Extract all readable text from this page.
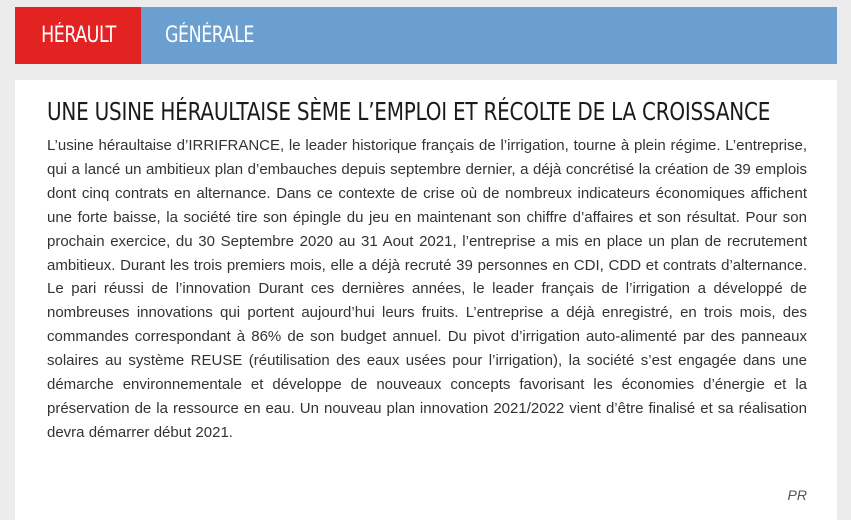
HÉRAULT GÉNÉRALE
UNE USINE HÉRAULTAISE SÈME L’EMPLOI ET RÉCOLTE DE LA CROISSANCE

L’usine héraultaise d’IRRIFRANCE, le leader historique français de l’irrigation, tourne à plein régime. L’entreprise, qui a lancé un ambitieux plan d’embauches depuis septembre dernier, a déjà concrétisé la création de 39 emplois dont cinq contrats en alternance. Dans ce contexte de crise où de nombreux indicateurs économiques affichent une forte baisse, la société tire son épingle du jeu en maintenant son chiffre d’affaires et son résultat. Pour son prochain exercice, du 30 Septembre 2020 au 31 Aout 2021, l’entreprise a mis en place un plan de recrutement ambitieux. Durant les trois premiers mois, elle a déjà recruté 39 personnes en CDI, CDD et contrats d’alternance. Le pari réussi de l’innovation Durant ces dernières années, le leader français de l’irrigation a développé de nombreuses innovations qui portent aujourd’hui leurs fruits. L’entreprise a déjà enregistré, en trois mois, des commandes correspondant à 86% de son budget annuel. Du pivot d’irrigation auto-alimenté par des panneaux solaires au système REUSE (réutilisation des eaux usées pour l’irrigation), la société s’est engagée dans une démarche environnementale et développe de nouveaux concepts favorisant les économies d’énergie et la préservation de la ressource en eau. Un nouveau plan innovation 2021/2022 vient d’être finalisé et sa réalisation devra démarrer début 2021.

PR
